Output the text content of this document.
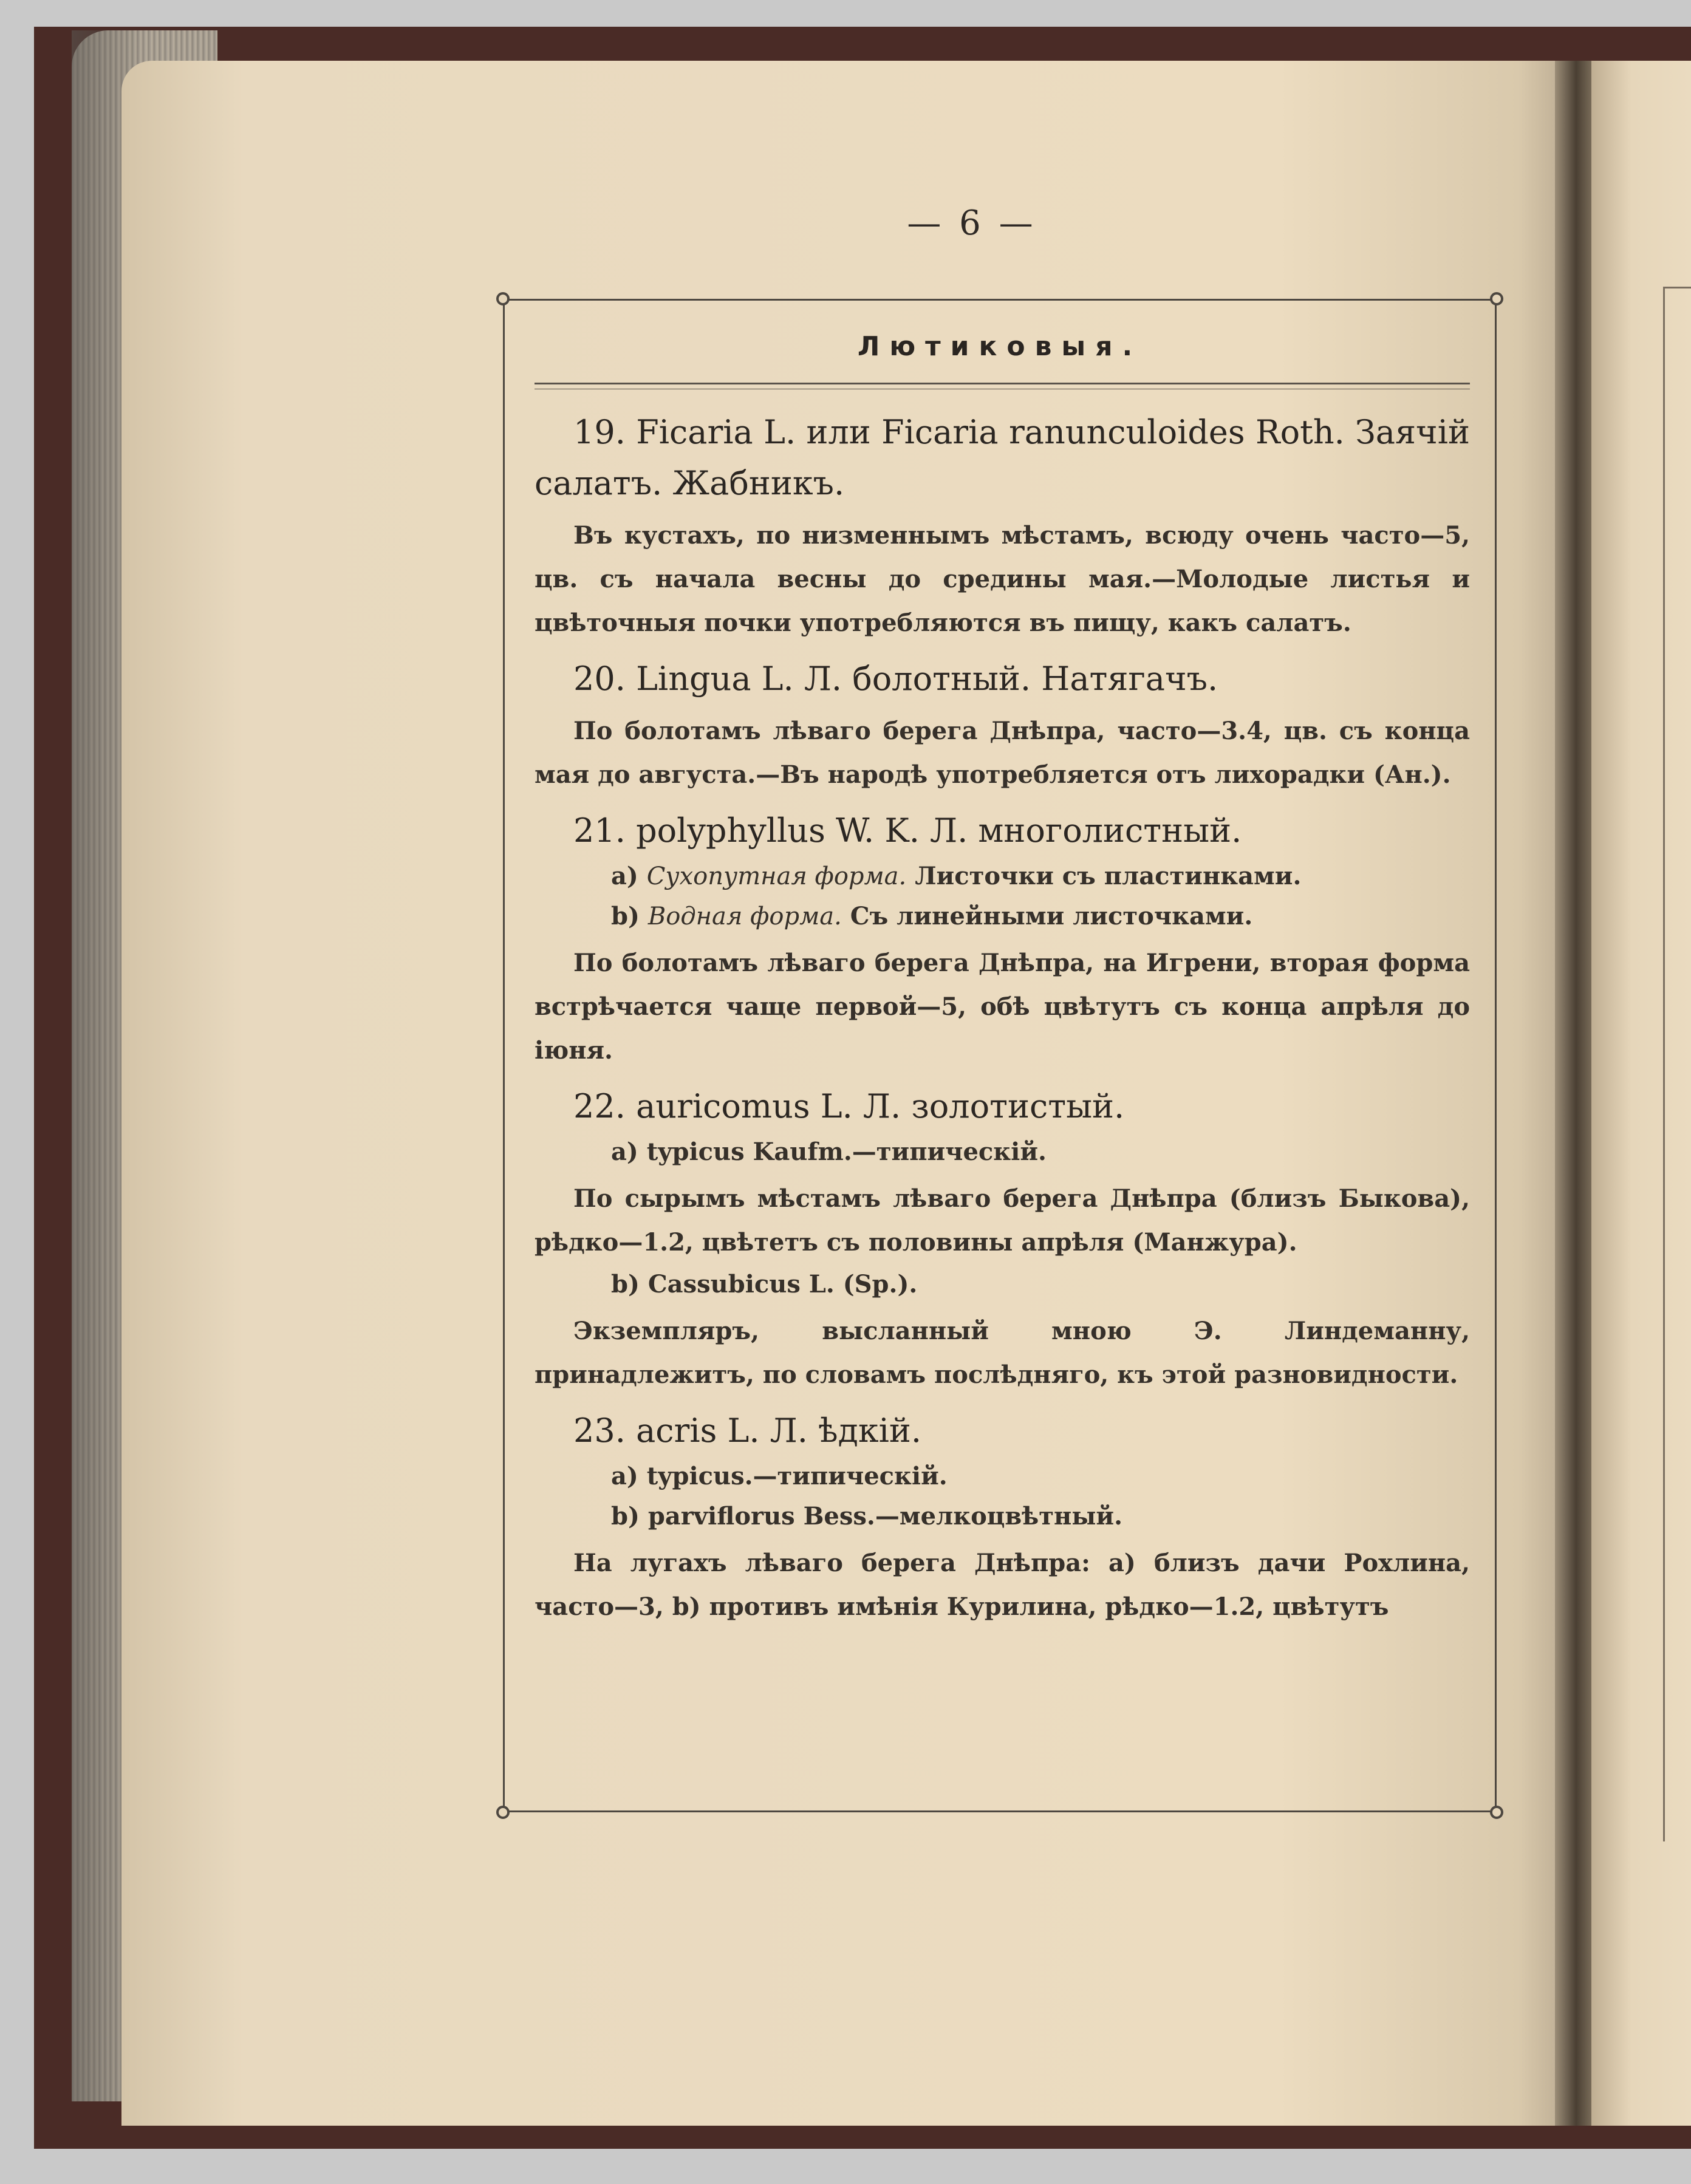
— 6 —
Лютиковыя.

19. Ficaria L. или Ficaria ranunculoides Roth. Заячій салатъ. Жабникъ.

Въ кустахъ, по низменнымъ мѣстамъ, всюду очень часто—5, цв. съ начала весны до средины мая.—Молодые листья и цвѣточныя почки употребляются въ пищу, какъ салатъ.

20. Lingua L. Л. болотный. Натягачъ.

По болотамъ лѣваго берега Днѣпра, часто—3.4, цв. съ конца мая до августа.—Въ народѣ употребляется отъ лихорадки (Ан.).

21. polyphyllus W. K. Л. многолистный.

a) Сухопутная форма. Листочки съ пластинками.

b) Водная форма. Съ линейными листочками.

По болотамъ лѣваго берега Днѣпра, на Игрени, вторая форма встрѣчается чаще первой—5, обѣ цвѣтутъ съ конца апрѣля до іюня.

22. auricomus L. Л. золотистый.

a) typicus Kaufm.—типическій.

По сырымъ мѣстамъ лѣваго берега Днѣпра (близъ Быкова), рѣдко—1.2, цвѣтетъ съ половины апрѣля (Манжура).

b) Cassubicus L. (Sp.).

Экземпляръ, высланный мною Э. Линдеманну, принадлежитъ, по словамъ послѣдняго, къ этой разновидности.

23. acris L. Л. ѣдкій.

a) typicus.—типическій.

b) parviflorus Bess.—мелкоцвѣтный.

На лугахъ лѣваго берега Днѣпра: a) близъ дачи Рохлина, часто—3, b) противъ имѣнія Курилина, рѣдко—1.2, цвѣтутъ
